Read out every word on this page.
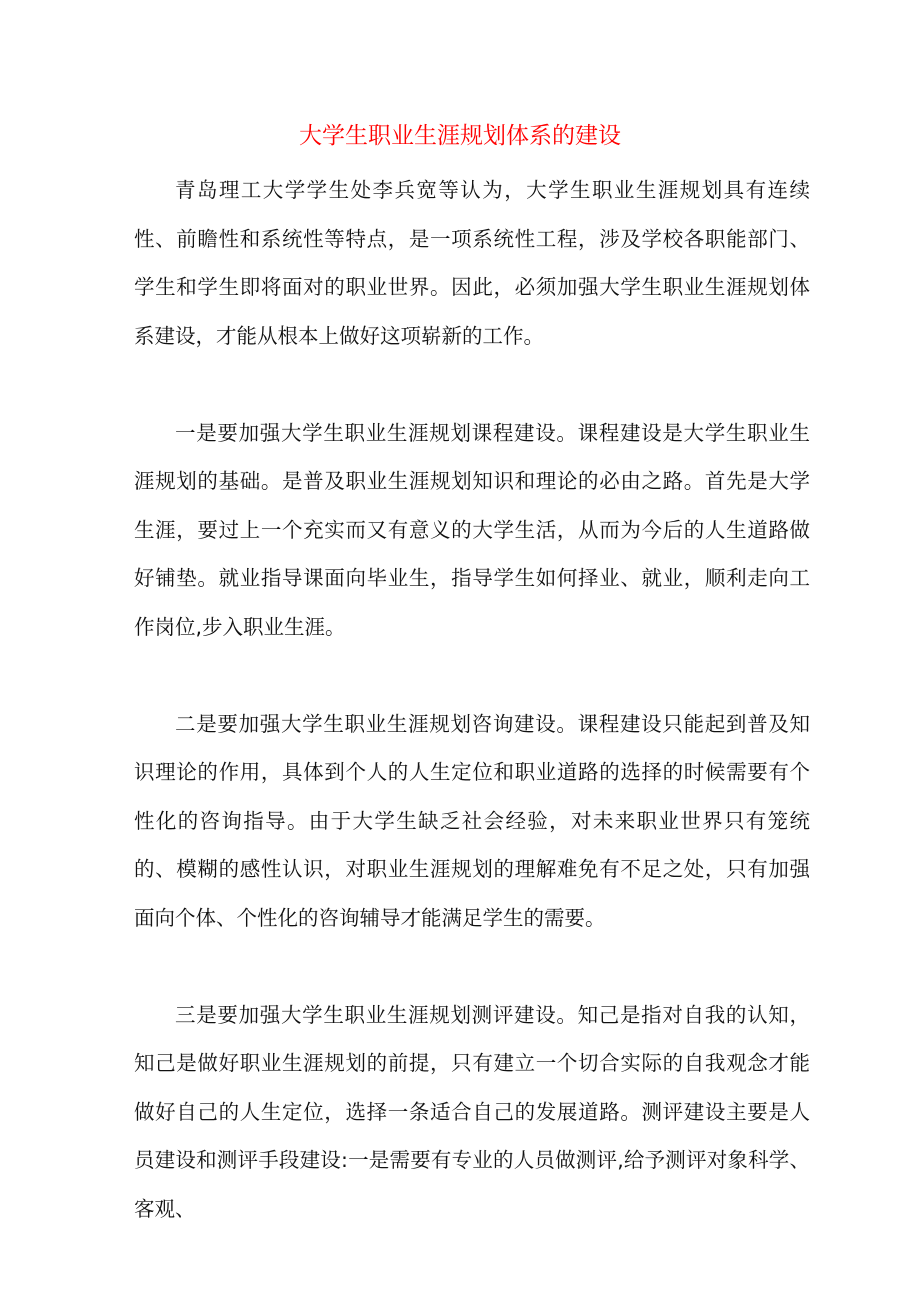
大学生职业生涯规划体系的建设

青岛理工大学学生处李兵宽等认为，大学生职业生涯规划具有连续性、前瞻性和系统性等特点，是一项系统性工程，涉及学校各职能部门、学生和学生即将面对的职业世界。因此，必须加强大学生职业生涯规划体系建设，才能从根本上做好这项崭新的工作。

一是要加强大学生职业生涯规划课程建设。课程建设是大学生职业生涯规划的基础。是普及职业生涯规划知识和理论的必由之路。首先是大学生涯，要过上一个充实而又有意义的大学生活，从而为今后的人生道路做好铺垫。就业指导课面向毕业生，指导学生如何择业、就业，顺利走向工作岗位,步入职业生涯。

二是要加强大学生职业生涯规划咨询建设。课程建设只能起到普及知识理论的作用，具体到个人的人生定位和职业道路的选择的时候需要有个性化的咨询指导。由于大学生缺乏社会经验，对未来职业世界只有笼统的、模糊的感性认识，对职业生涯规划的理解难免有不足之处，只有加强面向个体、个性化的咨询辅导才能满足学生的需要。

三是要加强大学生职业生涯规划测评建设。知己是指对自我的认知，知己是做好职业生涯规划的前提，只有建立一个切合实际的自我观念才能做好自己的人生定位，选择一条适合自己的发展道路。测评建设主要是人员建设和测评手段建设:一是需要有专业的人员做测评,给予测评对象科学、客观、
